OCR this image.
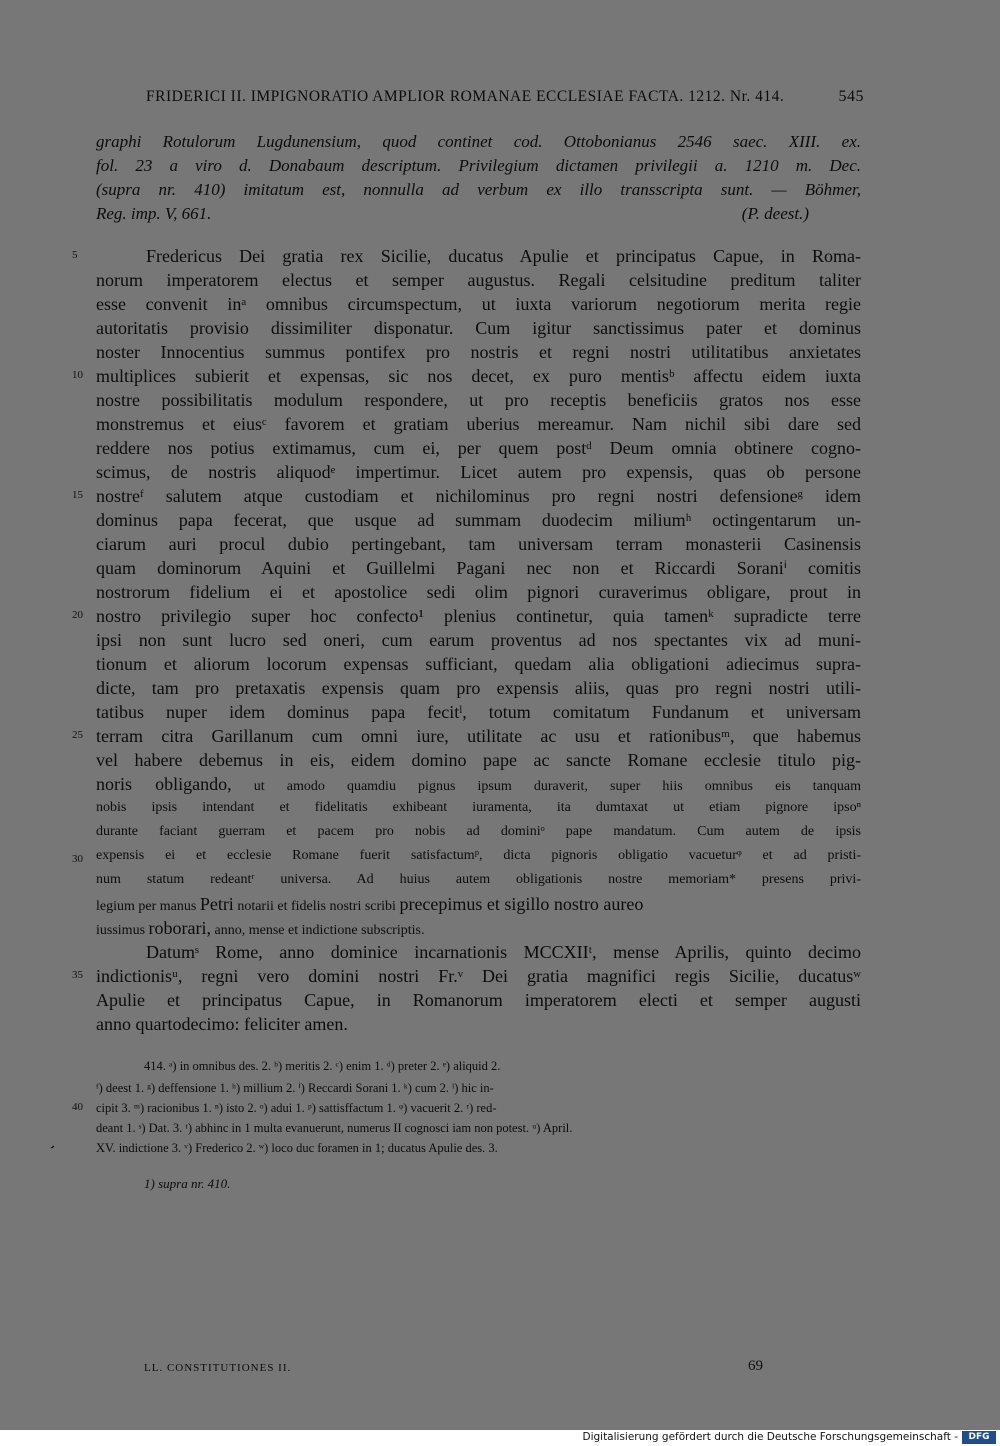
FRIDERICI II. IMPIGNORATIO AMPLIOR ROMANAE ECCLESIAE FACTA. 1212. Nr. 414.	545
graphi Rotulorum Lugdunensium, quod continet cod. Ottobonianus 2546 saec. XIII. ex.
fol. 23 a viro d. Donabaum descriptum. Privilegium dictamen privilegii a. 1210 m. Dec.
(supra nr. 410) imitatum est, nonnulla ad verbum ex illo transscripta sunt. — Böhmer,
Reg. imp. V, 661.	(P. deest.)
Fredericus Dei gratia rex Sicilie, ducatus Apulie et principatus Capue, in Roma-
norum imperatorem electus et semper augustus. Regali celsitudine preditum taliter
esse convenit inᵃ omnibus circumspectum, ut iuxta variorum negotiorum merita regie
autoritatis provisio dissimiliter disponatur. Cum igitur sanctissimus pater et dominus
noster Innocentius summus pontifex pro nostris et regni nostri utilitatibus anxietates
multiplices subierit et expensas, sic nos decet, ex puro mentisᵇ affectu eidem iuxta
nostre possibilitatis modulum respondere, ut pro receptis beneficiis gratos nos esse
monstremus et eiusᶜ favorem et gratiam uberius mereamur. Nam nichil sibi dare sed
reddere nos potius extimamus, cum ei, per quem postᵈ Deum omnia obtinere cogno-
scimus, de nostris aliquodᵉ impertimur. Licet autem pro expensis, quas ob persone
nostreᶠ salutem atque custodiam et nichilominus pro regni nostri defensioneᵍ idem
dominus papa fecerat, que usque ad summam duodecim miliumʰ octingentarum un-
ciarum auri procul dubio pertingebant, tam universam terram monasterii Casinensis
quam dominorum Aquini et Guillelmi Pagani nec non et Riccardi Soraniⁱ comitis
nostrorum fidelium ei et apostolice sedi olim pignori curaverimus obligare, prout in
nostro privilegio super hoc confecto¹ plenius continetur, quia tamenᵏ supradicte terre
ipsi non sunt lucro sed oneri, cum earum proventus ad nos spectantes vix ad muni-
tionum et aliorum locorum expensas sufficiant, quedam alia obligationi adiecimus supra-
dicte, tam pro pretaxatis expensis quam pro expensis aliis, quas pro regni nostri utili-
tatibus nuper idem dominus papa fecitˡ, totum comitatum Fundanum et universam
terram citra Garillanum cum omni iure, utilitate ac usu et rationibusᵐ, que habemus
vel habere debemus in eis, eidem domino pape ac sancte Romane ecclesie titulo pig-
noris obligando, ut amodo quamdiu pignus ipsum duraverit, super hiis omnibus eis tanquam
nobis ipsis intendant et fidelitatis exhibeant iuramenta, ita dumtaxat ut etiam pignore ipsoⁿ
durante faciant guerram et pacem pro nobis ad dominiᵒ pape mandatum. Cum autem de ipsis
expensis ei et ecclesie Romane fuerit satisfactumᵖ, dicta pignoris obligatio vacueturᵠ et ad pristi-
num statum redeantʳ universa. Ad huius autem obligationis nostre memoriam* presens privi-
legium per manus Petri notarii et fidelis nostri scribi precepimus et sigillo nostro aureo
iussimus roborari, anno, mense et indictione subscriptis.
Datumˢ Rome, anno dominice incarnationis MCCXIIᵗ, mense Aprilis, quinto decimo
indictionisᵘ, regni vero domini nostri Fr.ᵛ Dei gratia magnifici regis Sicilie, ducatusʷ
Apulie et principatus Capue, in Romanorum imperatorem electi et semper augusti
anno quartodecimo: feliciter amen.
414. ᵃ) in omnibus des. 2. ᵇ) meritis 2. ᶜ) enim 1. ᵈ) preter 2. ᵉ) aliquid 2.
ᶠ) deest 1. ᵍ) deffensione 1. ʰ) millium 2. ⁱ) Reccardi Sorani 1. ᵏ) cum 2. ˡ) hic in-
cipit 3. ᵐ) racionibus 1. ⁿ) isto 2. ᵒ) adui 1. ᵖ) sattisffactum 1. ᵠ) vacuerit 2. ʳ) red-
deant 1. ˢ) Dat. 3. ᵗ) abhinc in 1 multa evanuerunt, numerus II cognosci iam non potest. ᵘ) April.
XV. indictione 3. ᵛ) Frederico 2. ʷ) loco duc foramen in 1; ducatus Apulie des. 3.
1) supra nr. 410.
5
10
15
20
25
30
35
40
’
LL. CONSTITUTIONES II.	69
Digitalisierung gefördert durch die Deutsche Forschungsgemeinschaft -	DFG
